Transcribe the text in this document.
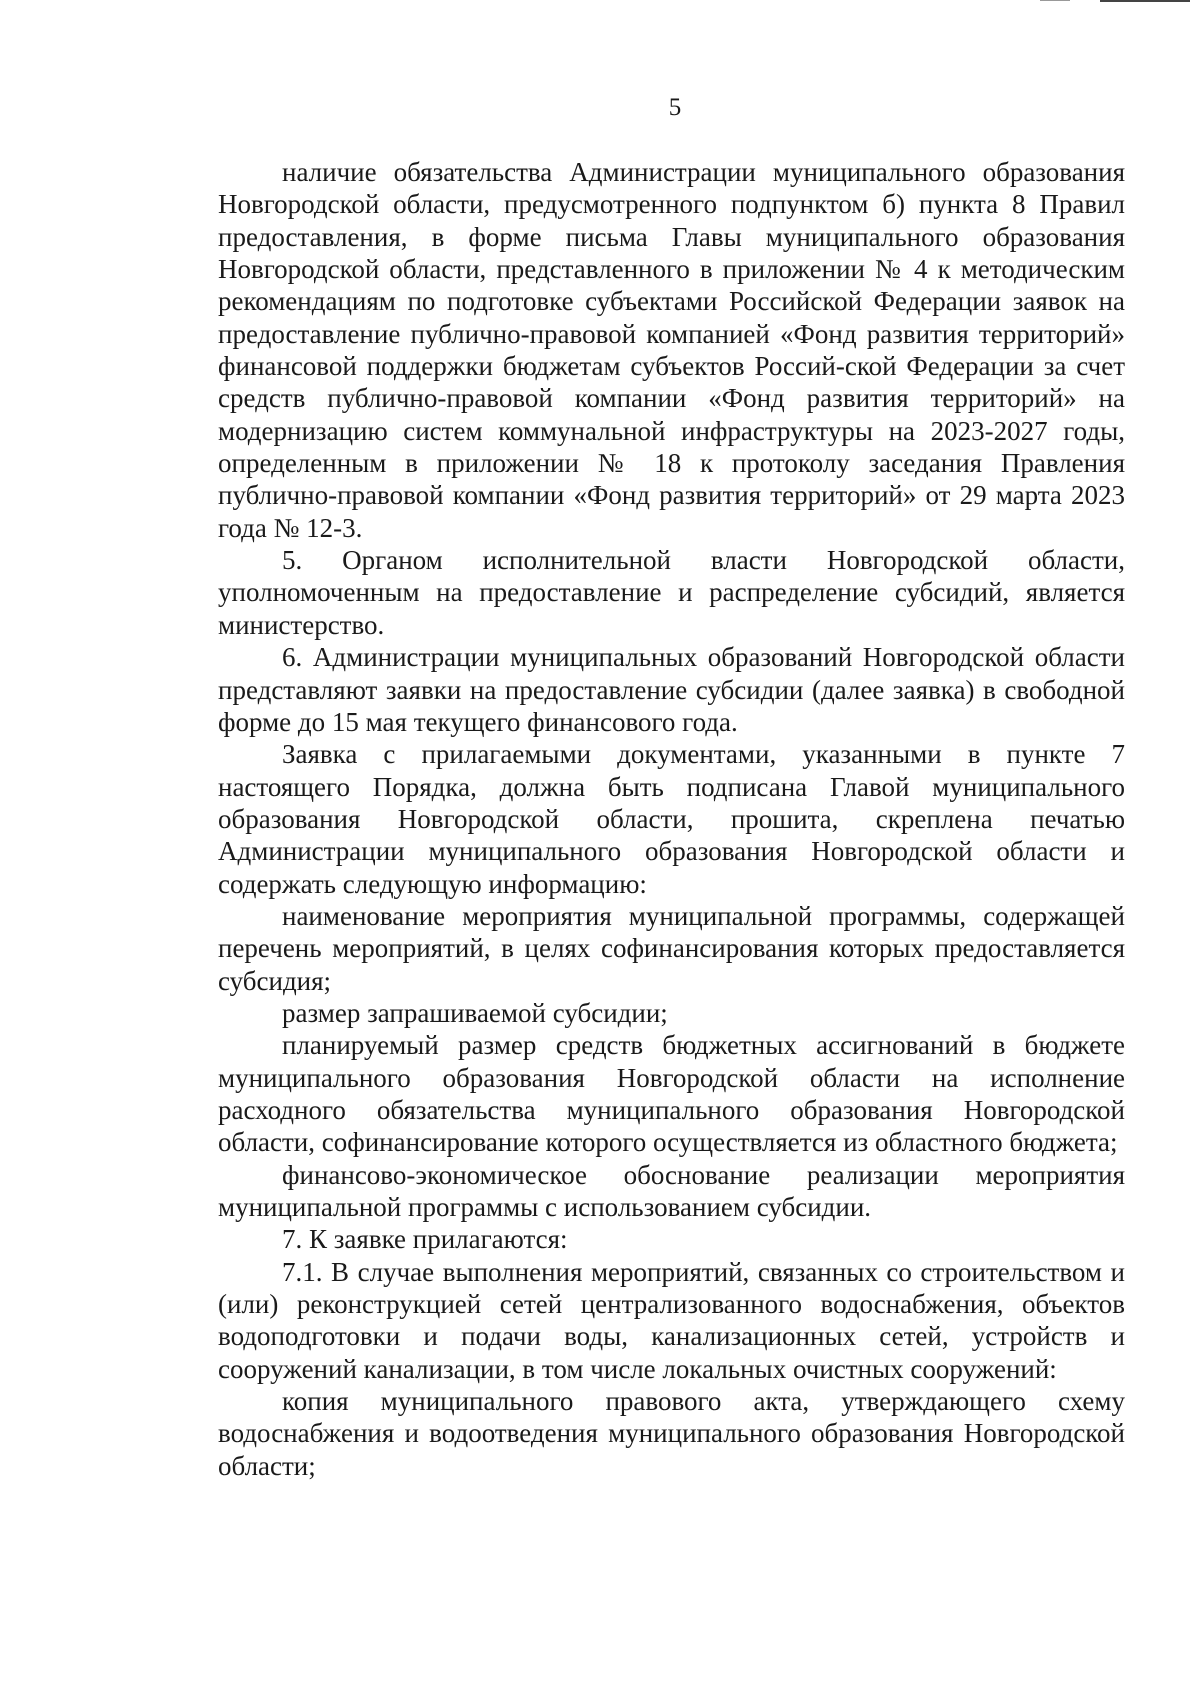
5

наличие обязательства Администрации муниципального образования Новгородской области, предусмотренного подпунктом б) пункта 8 Правил предоставления, в форме письма Главы муниципального образования Новгородской области, представленного в приложении № 4 к методическим рекомендациям по подготовке субъектами Российской Федерации заявок на предоставление публично-правовой компанией «Фонд развития территорий» финансовой поддержки бюджетам субъектов Россий-ской Федерации за счет средств публично-правовой компании «Фонд развития территорий» на модернизацию систем коммунальной инфраструктуры на 2023-2027 годы, определенным в приложении № 18 к протоколу заседания Правления публично-правовой компании «Фонд развития территорий» от 29 марта 2023 года № 12-3.

5. Органом исполнительной власти Новгородской области, уполномоченным на предоставление и распределение субсидий, является министерство.

6. Администрации муниципальных образований Новгородской области представляют заявки на предоставление субсидии (далее заявка) в свободной форме до 15 мая текущего финансового года.

Заявка с прилагаемыми документами, указанными в пункте 7 настоящего Порядка, должна быть подписана Главой муниципального образования Новгородской области, прошита, скреплена печатью Администрации муниципального образования Новгородской области и содержать следующую информацию:

наименование мероприятия муниципальной программы, содержащей перечень мероприятий, в целях софинансирования которых предоставляется субсидия;

размер запрашиваемой субсидии;

планируемый размер средств бюджетных ассигнований в бюджете муниципального образования Новгородской области на исполнение расходного обязательства муниципального образования Новгородской области, софинансирование которого осуществляется из областного бюджета;

финансово-экономическое обоснование реализации мероприятия муниципальной программы с использованием субсидии.

7. К заявке прилагаются:

7.1. В случае выполнения мероприятий, связанных со строительством и (или) реконструкцией сетей централизованного водоснабжения, объектов водоподготовки и подачи воды, канализационных сетей, устройств и сооружений канализации, в том числе локальных очистных сооружений:

копия муниципального правового акта, утверждающего схему водоснабжения и водоотведения муниципального образования Новгородской области;
